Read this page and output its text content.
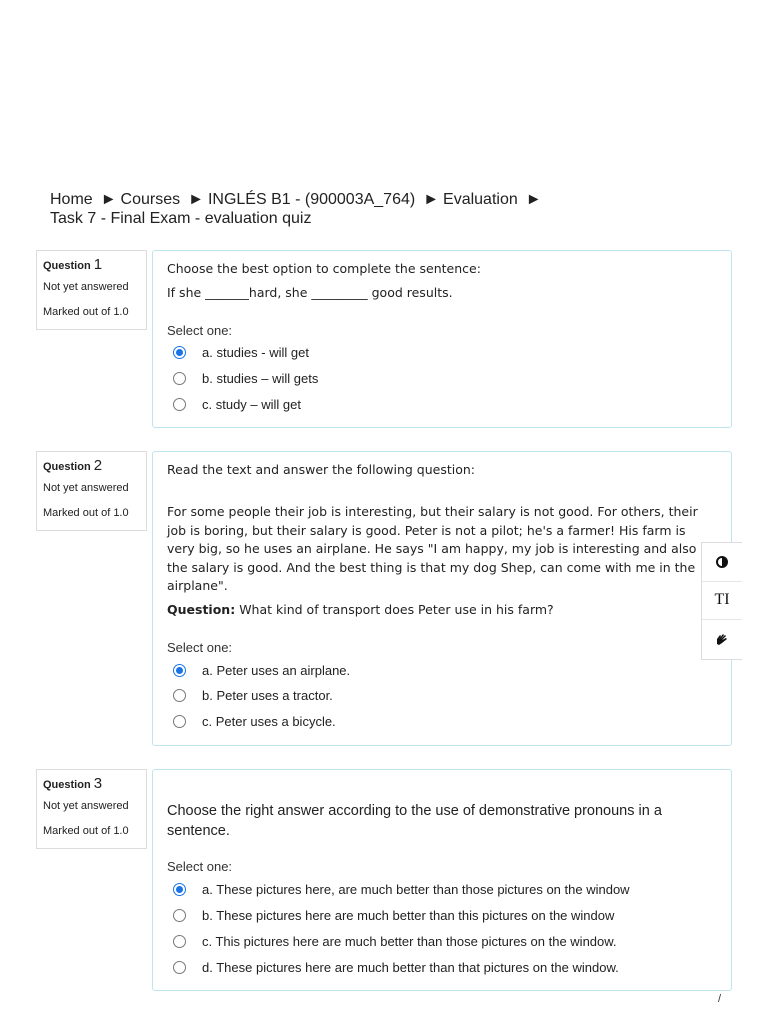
Home ► Courses ► INGLÉS B1 - (900003A_764) ► Evaluation ►
Task 7 - Final Exam - evaluation quiz
Question 1
Not yet answered
Marked out of 1.0
Choose the best option to complete the sentence:
If she _______hard, she _________ good results.
Select one:
a. studies - will get
b. studies – will gets
c. study – will get
Question 2
Not yet answered
Marked out of 1.0
Read the text and answer the following question:
For some people their job is interesting, but their salary is not good. For others, their job is boring, but their salary is good. Peter is not a pilot; he's a farmer! His farm is very big, so he uses an airplane. He says "I am happy, my job is interesting and also the salary is good. And the best thing is that my dog Shep, can come with me in the airplane".
Question: What kind of transport does Peter use in his farm?
Select one:
a. Peter uses an airplane.
b. Peter uses a tractor.
c. Peter uses a bicycle.
Question 3
Not yet answered
Marked out of 1.0
Choose the right answer according to the use of demonstrative pronouns in a sentence.
Select one:
a. These pictures here, are much better than those pictures on the window
b. These pictures here are much better than this pictures on the window
c. This pictures here are much better than those pictures on the window.
d. These pictures here are much better than that pictures on the window.
TI
/
